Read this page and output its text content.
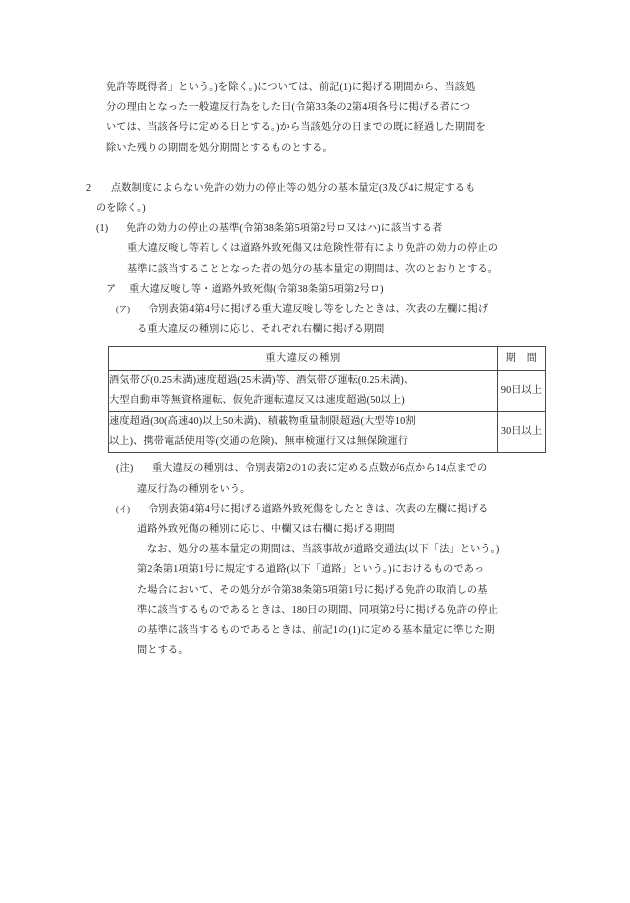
免許等既得者」という。)を除く。)については、前記(1)に掲げる期間から、当該処
分の理由となった一般違反行為をした日(令第33条の2第4項各号に掲げる者につ
いては、当該各号に定める日とする。)から当該処分の日までの既に経過した期間を
除いた残りの期間を処分期間とするものとする。
2	点数制度によらない免許の効力の停止等の処分の基本量定(3及び4に規定するも
のを除く。)
(1)	免許の効力の停止の基準(令第38条第5項第2号ロ又はハ)に該当する者
重大違反唆し等若しくは道路外致死傷又は危険性帯有により免許の効力の停止の
基準に該当することとなった者の処分の基本量定の期間は、次のとおりとする。
ア	重大違反唆し等・道路外致死傷(令第38条第5項第2号ロ)
(ア)	令別表第4第4号に掲げる重大違反唆し等をしたときは、次表の左欄に掲げ
る重大違反の種別に応じ、それぞれ右欄に掲げる期間
重大違反の種別	期　間

酒気帯び(0.25未満)速度超過(25未満)等、酒気帯び運転(0.25未満)、
大型自動車等無資格運転、仮免許運転違反又は速度超過(50以上)	90日以上

速度超過(30(高速40)以上50未満)、積載物重量制限超過(大型等10割
以上)、携帯電話使用等(交通の危険)、無車検運行又は無保険運行	30日以上
(注)	重大違反の種別は、令別表第2の1の表に定める点数が6点から14点までの
違反行為の種別をいう。
(イ)	令別表第4第4号に掲げる道路外致死傷をしたときは、次表の左欄に掲げる
道路外致死傷の種別に応じ、中欄又は右欄に掲げる期間
なお、処分の基本量定の期間は、当該事故が道路交通法(以下「法」という。)
第2条第1項第1号に規定する道路(以下「道路」という。)におけるものであっ
た場合において、その処分が令第38条第5項第1号に掲げる免許の取消しの基
準に該当するものであるときは、180日の期間、同項第2号に掲げる免許の停止
の基準に該当するものであるときは、前記1の(1)に定める基本量定に準じた期
間とする。
